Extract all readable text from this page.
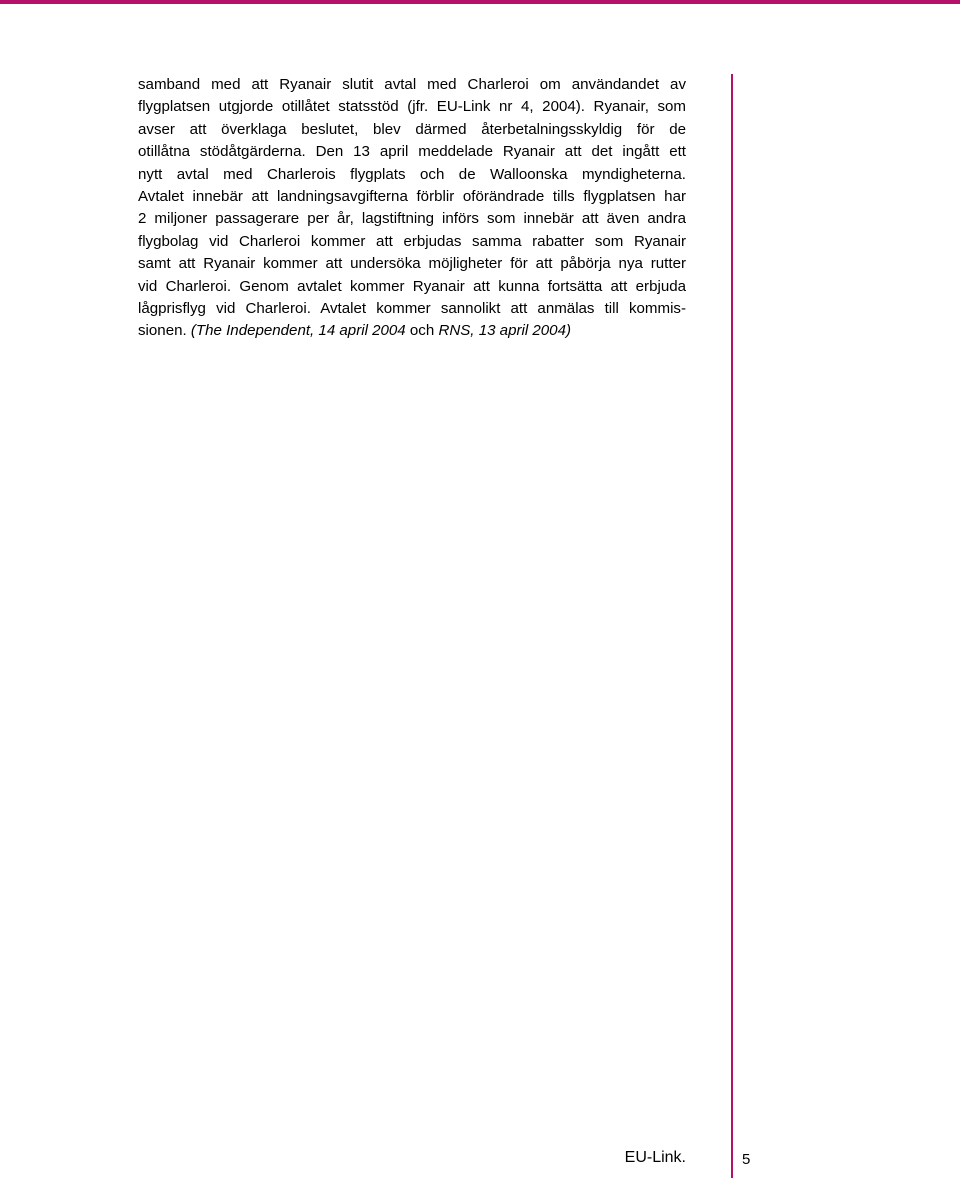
samband med att Ryanair slutit avtal med Charleroi om användandet av
flygplatsen utgjorde otillåtet statsstöd (jfr. EU-Link nr 4, 2004). Ryanair, som
avser att överklaga beslutet, blev därmed återbetalningsskyldig för de
otillåtna stödåtgärderna. Den 13 april meddelade Ryanair att det ingått ett
nytt avtal med Charlerois flygplats och de Walloonska myndigheterna.
Avtalet innebär att landningsavgifterna förblir oförändrade tills flygplatsen har
2 miljoner passagerare per år, lagstiftning införs som innebär att även andra
flygbolag vid Charleroi kommer att erbjudas samma rabatter som Ryanair
samt att Ryanair kommer att undersöka möjligheter för att påbörja nya rutter
vid Charleroi. Genom avtalet kommer Ryanair att kunna fortsätta att erbjuda
lågprisflyg vid Charleroi. Avtalet kommer sannolikt att anmälas till kommis-
sionen. (The Independent, 14 april 2004 och RNS, 13 april 2004)
EU-Link.	5
